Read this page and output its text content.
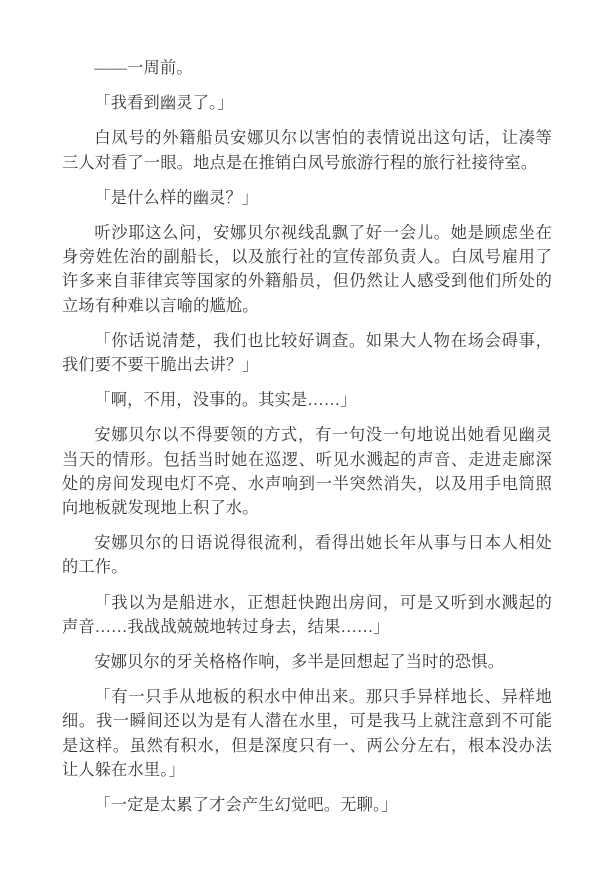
——一周前。

「我看到幽灵了。」

白凤号的外籍船员安娜贝尔以害怕的表情说出这句话，让凑等三人对看了一眼。地点是在推销白凤号旅游行程的旅行社接待室。

「是什么样的幽灵？」

听沙耶这么问，安娜贝尔视线乱飘了好一会儿。她是顾虑坐在身旁姓佐治的副船长，以及旅行社的宣传部负责人。白凤号雇用了许多来自菲律宾等国家的外籍船员，但仍然让人感受到他们所处的立场有种难以言喻的尴尬。

「你话说清楚，我们也比较好调查。如果大人物在场会碍事，我们要不要干脆出去讲？」

「啊，不用，没事的。其实是……」

安娜贝尔以不得要领的方式，有一句没一句地说出她看见幽灵当天的情形。包括当时她在巡逻、听见水溅起的声音、走进走廊深处的房间发现电灯不亮、水声响到一半突然消失，以及用手电筒照向地板就发现地上积了水。

安娜贝尔的日语说得很流利，看得出她长年从事与日本人相处的工作。

「我以为是船进水，正想赶快跑出房间，可是又听到水溅起的声音……我战战兢兢地转过身去，结果……」

安娜贝尔的牙关格格作响，多半是回想起了当时的恐惧。

「有一只手从地板的积水中伸出来。那只手异样地长、异样地细。我一瞬间还以为是有人潜在水里，可是我马上就注意到不可能是这样。虽然有积水，但是深度只有一、两公分左右，根本没办法让人躲在水里。」

「一定是太累了才会产生幻觉吧。无聊。」
